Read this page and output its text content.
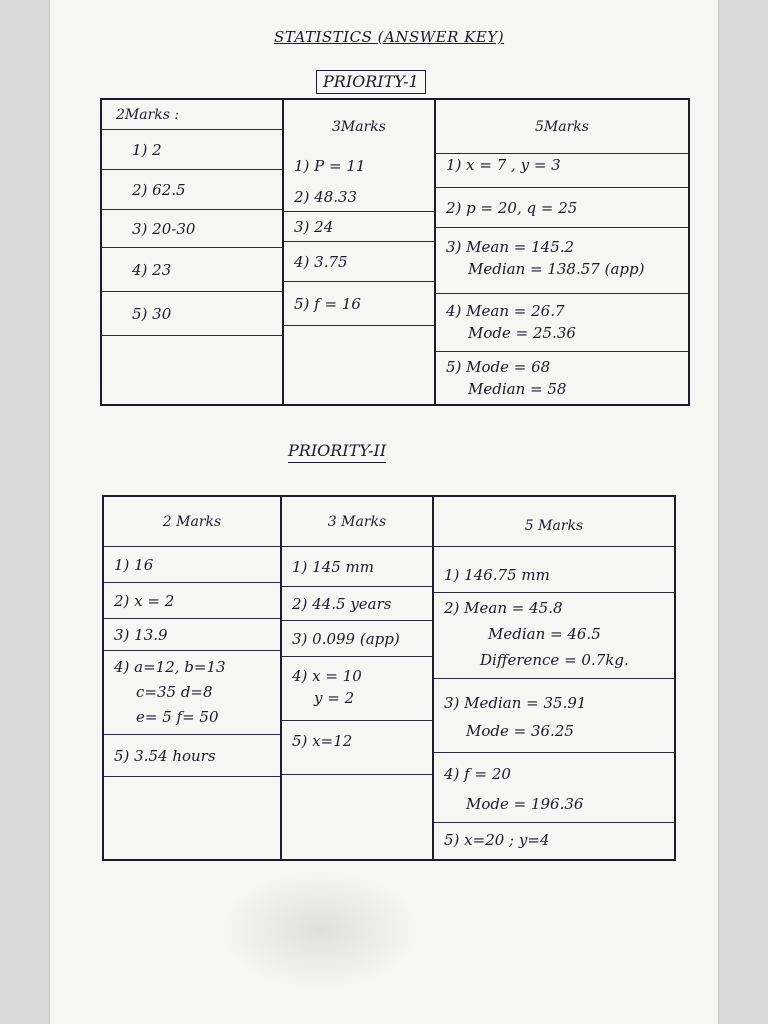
STATISTICS (ANSWER KEY)
PRIORITY-1
2Marks :
1) 2
2) 62.5
3) 20-30
4) 23
5) 30
3Marks
1) P = 11
2) 48.33
3) 24
4) 3.75
5) f = 16
5Marks
1) x = 7 , y = 3
2) p = 20, q = 25
3) Mean = 145.2
Median = 138.57 (app)
4) Mean = 26.7
Mode = 25.36
5) Mode = 68
Median = 58
PRIORITY-II
2 Marks
1) 16
2) x = 2
3) 13.9
4) a=12, b=13
c=35 d=8
e= 5 f= 50
5) 3.54 hours
3 Marks
1) 145 mm
2) 44.5 years
3) 0.099 (app)
4) x = 10
y = 2
5) x=12
5 Marks
1) 146.75 mm
2) Mean = 45.8
Median = 46.5
Difference = 0.7kg.
3) Median = 35.91
Mode = 36.25
4) f = 20
Mode = 196.36
5) x=20 ; y=4
